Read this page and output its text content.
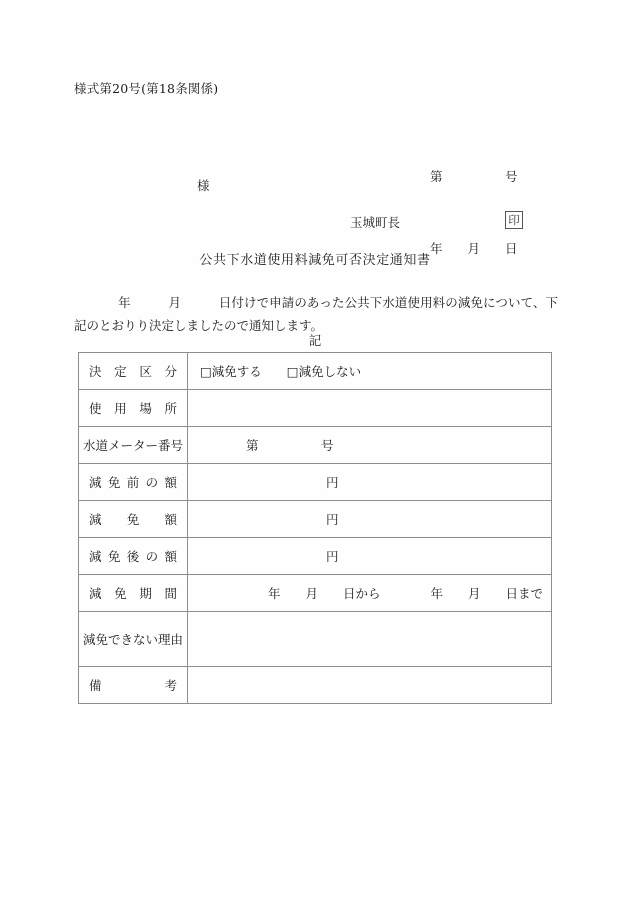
様式第20号(第18条関係)

第　　　　　号

年　　月　　日

様
玉城町長	印
公共下水道使用料減免可否決定通知書
年　　　月　　　日付けで申請のあった公共下水道使用料の減免について、下記のとおりり決定しましたので通知します。
記
決 定 区 分	□減免する　　□減免しない

使 用 場 所	

水 道 メ ー タ ー 番 号	第　　　　　号

減 免 前 の 額	円

減 免 額	円

減 免 後 の 額	円

減 免 期 間	年　　月　　日から　　　　年　　月　　日まで

減 免 で き な い 理 由

備 考	
